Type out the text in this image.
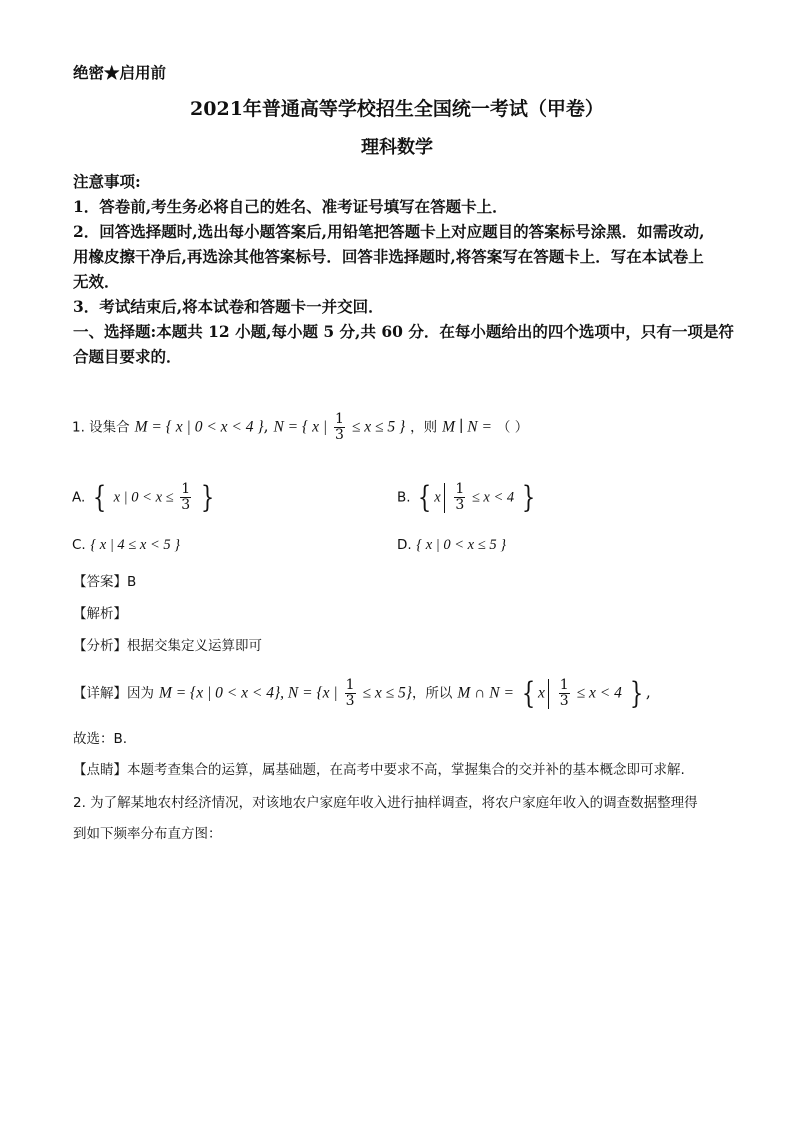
绝密★启用前
2021年普通高等学校招生全国统一考试（甲卷）
理科数学
注意事项:
1．答卷前,考生务必将自己的姓名、准考证号填写在答题卡上．
2．回答选择题时,选出每小题答案后,用铅笔把答题卡上对应题目的答案标号涂黑．如需改动,
用橡皮擦干净后,再选涂其他答案标号．回答非选择题时,将答案写在答题卡上．写在本试卷上
无效．
3．考试结束后,将本试卷和答题卡一并交回．
一、选择题:本题共 12 小题,每小题 5 分,共 60 分．在每小题给出的四个选项中，只有一项是符
合题目要求的．
1. 设集合 M = { x | 0 < x < 4 }, N = { x | $\frac{1}{3} \le x \le 5$ } ，则 M ∣ N = （ ）
A. { x | $0 < x \le \frac{1}{3}$ }	B. { x $\frac{1}{3} \le x < 4$ }
C. { x | 4 ≤ x < 5 }	D. { x | 0 < x ≤ 5 }
【答案】B
【解析】
【分析】根据交集定义运算即可
【详解】因为 M = {x | 0 < x < 4}, N = {x | $\frac{1}{3} \le x \le 5$}，所以 M ∩ N = { x $\frac{1}{3} \le x < 4$ } ,
故选：B.
【点睛】本题考查集合的运算，属基础题，在高考中要求不高，掌握集合的交并补的基本概念即可求解.
2. 为了解某地农村经济情况，对该地农户家庭年收入进行抽样调查，将农户家庭年收入的调查数据整理得
到如下频率分布直方图：
